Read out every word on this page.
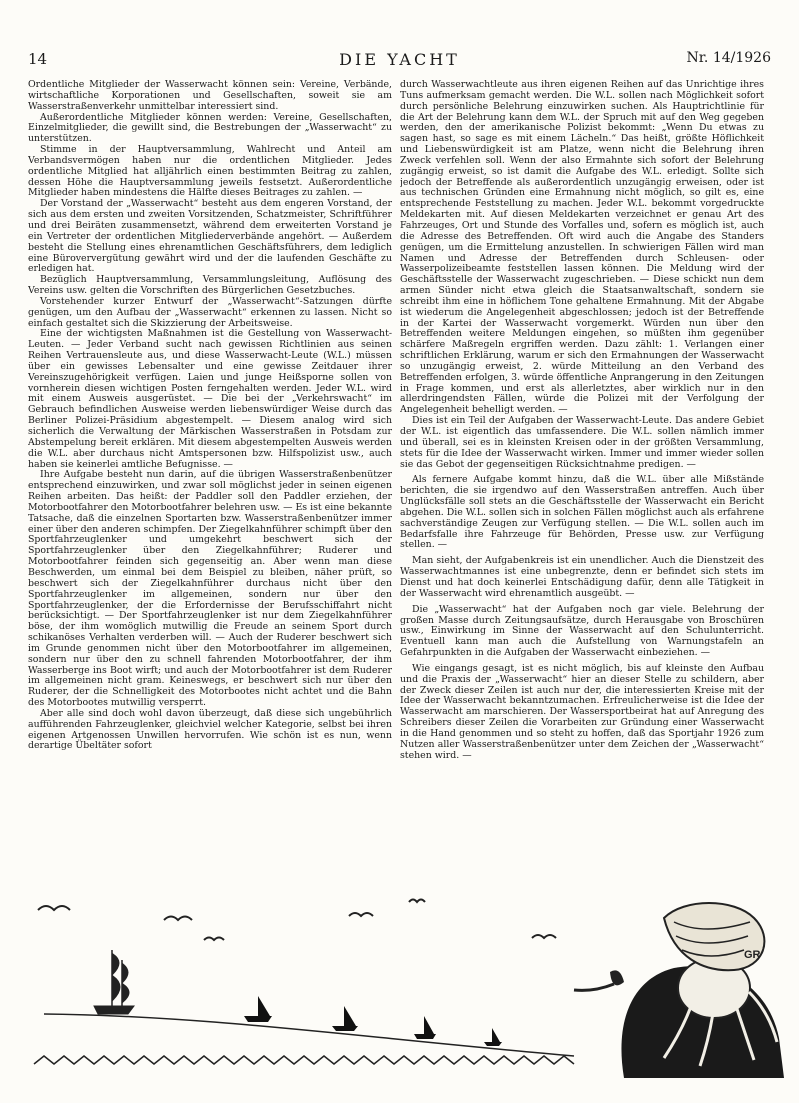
14	DIE YACHT	Nr. 14/1926

Ordentliche Mitglieder der Wasserwacht können sein: Vereine, Verbände, wirtschaftliche Korporationen und Gesellschaften, soweit sie am Wasserstraßenverkehr unmittelbar interessiert sind.

Außerordentliche Mitglieder können werden: Vereine, Gesellschaften, Einzelmitglieder, die gewillt sind, die Bestrebungen der „Wasserwacht“ zu unterstützen.

Stimme in der Hauptversammlung, Wahlrecht und Anteil am Verbandsvermögen haben nur die ordentlichen Mitglieder. Jedes ordentliche Mitglied hat alljährlich einen bestimmten Beitrag zu zahlen, dessen Höhe die Hauptversammlung jeweils festsetzt. Außerordentliche Mitglieder haben mindestens die Hälfte dieses Beitrages zu zahlen. —

Der Vorstand der „Wasserwacht“ besteht aus dem engeren Vorstand, der sich aus dem ersten und zweiten Vorsitzenden, Schatzmeister, Schriftführer und drei Beiräten zusammensetzt, während dem erweiterten Vorstand je ein Vertreter der ordentlichen Mitgliederverbände angehört. — Außerdem besteht die Stellung eines ehrenamtlichen Geschäftsführers, dem lediglich eine Büroververgütung gewährt wird und der die laufenden Geschäfte zu erledigen hat.

Bezüglich Hauptversammlung, Versammlungsleitung, Auflösung des Vereins usw. gelten die Vorschriften des Bürgerlichen Gesetzbuches.

Vorstehender kurzer Entwurf der „Wasserwacht“-Satzungen dürfte genügen, um den Aufbau der „Wasserwacht“ erkennen zu lassen. Nicht so einfach gestaltet sich die Skizzierung der Arbeitsweise.

Eine der wichtigsten Maßnahmen ist die Gestellung von Wasserwacht-Leuten. — Jeder Verband sucht nach gewissen Richtlinien aus seinen Reihen Vertrauensleute aus, und diese Wasserwacht-Leute (W.L.) müssen über ein gewisses Lebensalter und eine gewisse Zeitdauer ihrer Vereinszugehörigkeit verfügen. Laien und junge Heißsporne sollen von vornherein diesen wichtigen Posten ferngehalten werden. Jeder W.L. wird mit einem Ausweis ausgerüstet. — Die bei der „Verkehrswacht“ im Gebrauch befindlichen Ausweise werden liebenswürdiger Weise durch das Berliner Polizei-Präsidium abgestempelt. — Diesem analog wird sich sicherlich die Verwaltung der Märkischen Wasserstraßen in Potsdam zur Abstempelung bereit erklären. Mit diesem abgestempelten Ausweis werden die W.L. aber durchaus nicht Amtspersonen bzw. Hilfspolizist usw., auch haben sie keinerlei amtliche Befugnisse. —

Ihre Aufgabe besteht nun darin, auf die übrigen Wasserstraßenbenützer entsprechend einzuwirken, und zwar soll möglichst jeder in seinen eigenen Reihen arbeiten. Das heißt: der Paddler soll den Paddler erziehen, der Motorbootfahrer den Motorbootfahrer belehren usw. — Es ist eine bekannte Tatsache, daß die einzelnen Sportarten bzw. Wasserstraßenbenützer immer einer über den anderen schimpfen. Der Ziegelkahnführer schimpft über den Sportfahrzeuglenker und umgekehrt beschwert sich der Sportfahrzeuglenker über den Ziegelkahnführer; Ruderer und Motorbootfahrer feinden sich gegenseitig an. Aber wenn man diese Beschwerden, um einmal bei dem Beispiel zu bleiben, näher prüft, so beschwert sich der Ziegelkahnführer durchaus nicht über den Sportfahrzeuglenker im allgemeinen, sondern nur über den Sportfahrzeuglenker, der die Erfordernisse der Berufsschiffahrt nicht berücksichtigt. — Der Sportfahrzeuglenker ist nur dem Ziegelkahnführer böse, der ihm womöglich mutwillig die Freude an seinem Sport durch schikanöses Verhalten verderben will. — Auch der Ruderer beschwert sich im Grunde genommen nicht über den Motorbootfahrer im allgemeinen, sondern nur über den zu schnell fahrenden Motorbootfahrer, der ihm Wasserberge ins Boot wirft; und auch der Motorbootfahrer ist dem Ruderer im allgemeinen nicht gram. Keineswegs, er beschwert sich nur über den Ruderer, der die Schnelligkeit des Motorbootes nicht achtet und die Bahn des Motorbootes mutwillig versperrt.

Aber alle sind doch wohl davon überzeugt, daß diese sich ungebührlich aufführenden Fahrzeuglenker, gleichviel welcher Kategorie, selbst bei ihren eigenen Artgenossen Unwillen hervorrufen. Wie schön ist es nun, wenn derartige Übeltäter sofort

durch Wasserwachtleute aus ihren eigenen Reihen auf das Unrichtige ihres Tuns aufmerksam gemacht werden. Die W.L. sollen nach Möglichkeit sofort durch persönliche Belehrung einzuwirken suchen. Als Hauptrichtlinie für die Art der Belehrung kann dem W.L. der Spruch mit auf den Weg gegeben werden, den der amerikanische Polizist bekommt: „Wenn Du etwas zu sagen hast, so sage es mit einem Lächeln.“ Das heißt, größte Höflichkeit und Liebenswürdigkeit ist am Platze, wenn nicht die Belehrung ihren Zweck verfehlen soll. Wenn der also Ermahnte sich sofort der Belehrung zugängig erweist, so ist damit die Aufgabe des W.L. erledigt. Sollte sich jedoch der Betreffende als außerordentlich unzugängig erweisen, oder ist aus technischen Gründen eine Ermahnung nicht möglich, so gilt es, eine entsprechende Feststellung zu machen. Jeder W.L. bekommt vorgedruckte Meldekarten mit. Auf diesen Meldekarten verzeichnet er genau Art des Fahrzeuges, Ort und Stunde des Vorfalles und, sofern es möglich ist, auch die Adresse des Betreffenden. Oft wird auch die Angabe des Standers genügen, um die Ermittelung anzustellen. In schwierigen Fällen wird man Namen und Adresse der Betreffenden durch Schleusen- oder Wasserpolizeibeamte feststellen lassen können. Die Meldung wird der Geschäftsstelle der Wasserwacht zugeschrieben. — Diese schickt nun dem armen Sünder nicht etwa gleich die Staatsanwaltschaft, sondern sie schreibt ihm eine in höflichem Tone gehaltene Ermahnung. Mit der Abgabe ist wiederum die Angelegenheit abgeschlossen; jedoch ist der Betreffende in der Kartei der Wasserwacht vorgemerkt. Würden nun über den Betreffenden weitere Meldungen eingehen, so müßten ihm gegenüber schärfere Maßregeln ergriffen werden. Dazu zählt: 1. Verlangen einer schriftlichen Erklärung, warum er sich den Ermahnungen der Wasserwacht so unzugängig erweist, 2. würde Mitteilung an den Verband des Betreffenden erfolgen, 3. würde öffentliche Anprangerung in den Zeitungen in Frage kommen, und erst als allerletztes, aber wirklich nur in den allerdringendsten Fällen, würde die Polizei mit der Verfolgung der Angelegenheit behelligt werden. —

Dies ist ein Teil der Aufgaben der Wasserwacht-Leute. Das andere Gebiet der W.L. ist eigentlich das umfassendere. Die W.L. sollen nämlich immer und überall, sei es in kleinsten Kreisen oder in der größten Versammlung, stets für die Idee der Wasserwacht wirken. Immer und immer wieder sollen sie das Gebot der gegenseitigen Rücksichtnahme predigen. —

Als fernere Aufgabe kommt hinzu, daß die W.L. über alle Mißstände berichten, die sie irgendwo auf den Wasserstraßen antreffen. Auch über Unglücksfälle soll stets an die Geschäftsstelle der Wasserwacht ein Bericht abgehen. Die W.L. sollen sich in solchen Fällen möglichst auch als erfahrene sachverständige Zeugen zur Verfügung stellen. — Die W.L. sollen auch im Bedarfsfalle ihre Fahrzeuge für Behörden, Presse usw. zur Verfügung stellen. —

Man sieht, der Aufgabenkreis ist ein unendlicher. Auch die Dienstzeit des Wasserwachtmannes ist eine unbegrenzte, denn er befindet sich stets im Dienst und hat doch keinerlei Entschädigung dafür, denn alle Tätigkeit in der Wasserwacht wird ehrenamtlich ausgeübt. —

Die „Wasserwacht“ hat der Aufgaben noch gar viele. Belehrung der großen Masse durch Zeitungsaufsätze, durch Herausgabe von Broschüren usw., Einwirkung im Sinne der Wasserwacht auf den Schulunterricht. Eventuell kann man auch die Aufstellung von Warnungstafeln an Gefahrpunkten in die Aufgaben der Wasserwacht einbeziehen. —

Wie eingangs gesagt, ist es nicht möglich, bis auf kleinste den Aufbau und die Praxis der „Wasserwacht“ hier an dieser Stelle zu schildern, aber der Zweck dieser Zeilen ist auch nur der, die interessierten Kreise mit der Idee der Wasserwacht bekanntzumachen. Erfreulicherweise ist die Idee der Wasserwacht am marschieren. Der Wassersportbeirat hat auf Anregung des Schreibers dieser Zeilen die Vorarbeiten zur Gründung einer Wasserwacht in die Hand genommen und so steht zu hoffen, daß das Sportjahr 1926 zum Nutzen aller Wasserstraßenbenützer unter dem Zeichen der „Wasserwacht“ stehen wird. —

GR
